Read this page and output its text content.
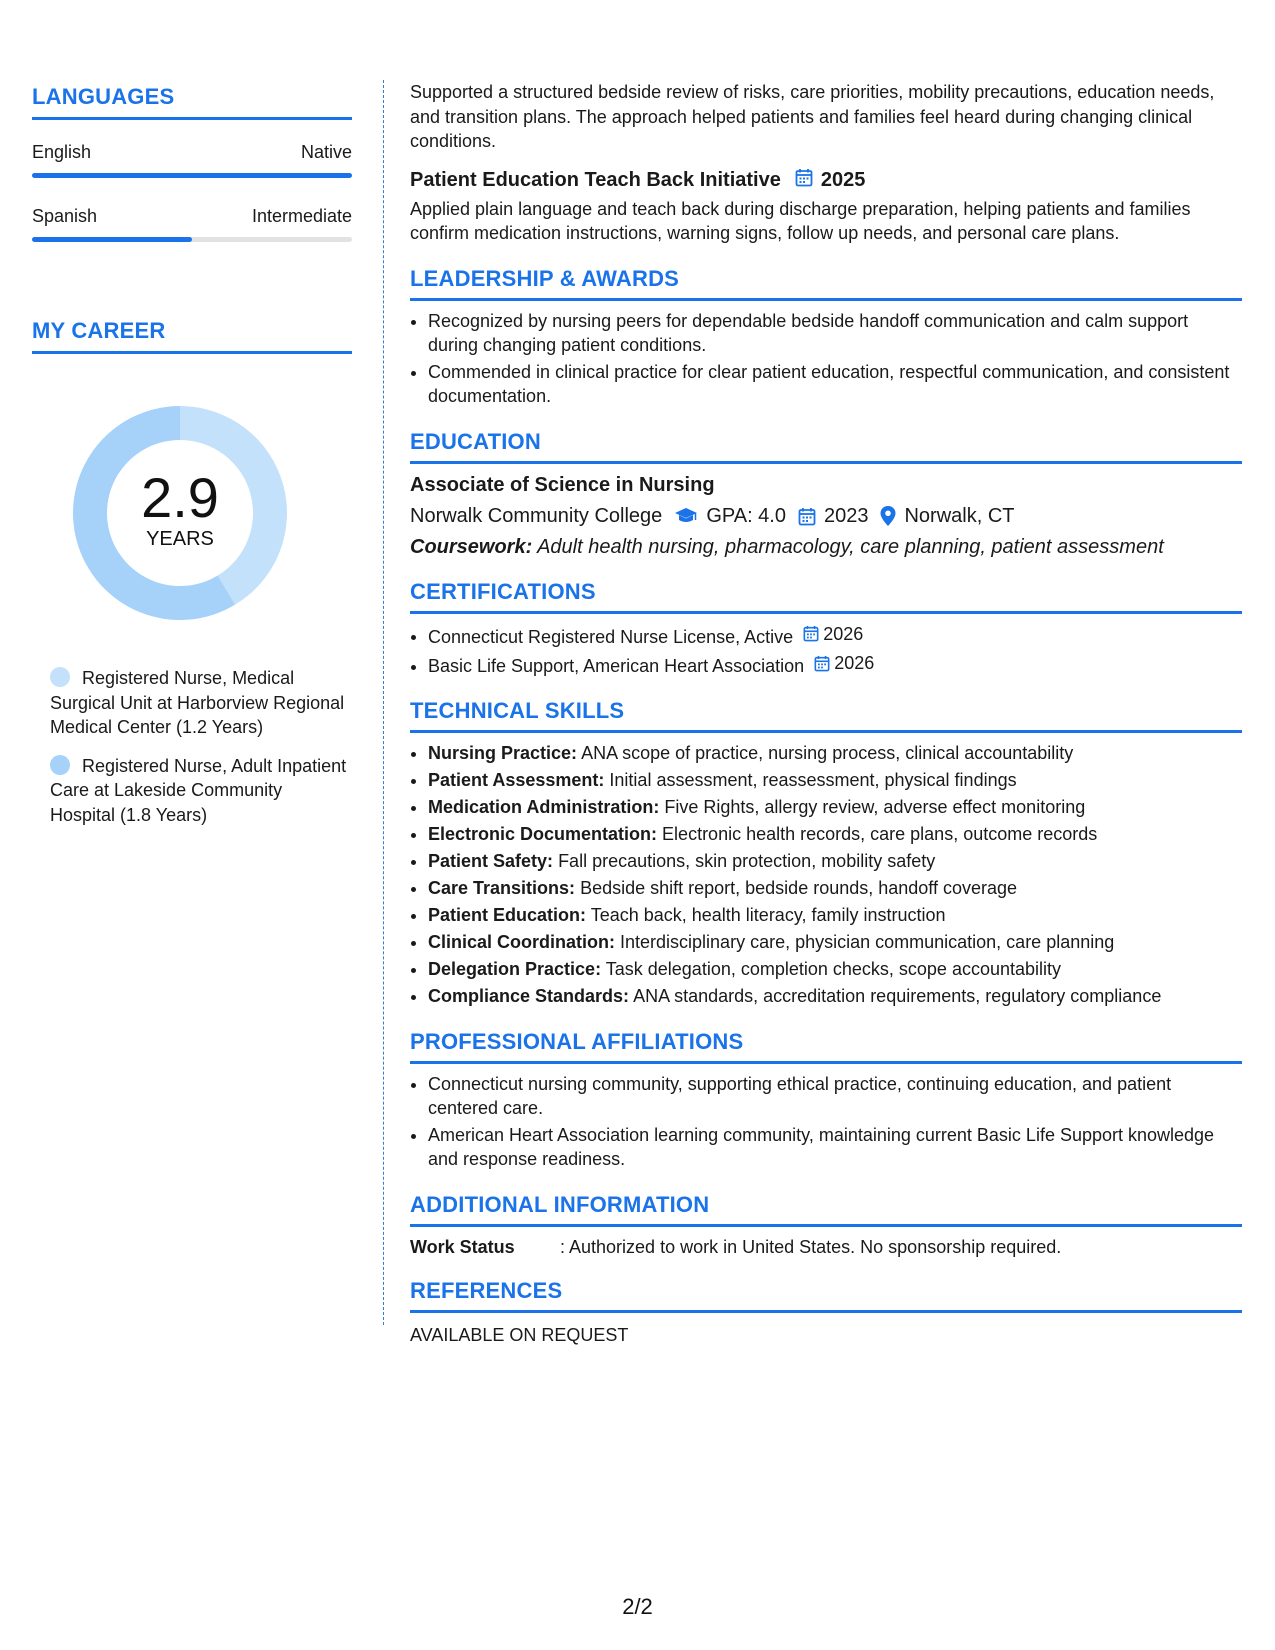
LANGUAGES
English	Native
Spanish	Intermediate
MY CAREER
2.9
YEARS
Registered Nurse, Medical Surgical Unit at Harborview Regional Medical Center (1.2 Years)
Registered Nurse, Adult Inpatient Care at Lakeside Community Hospital (1.8 Years)

Supported a structured bedside review of risks, care priorities, mobility precautions, education needs, and transition plans. The approach helped patients and families feel heard during changing clinical conditions.

Patient Education Teach Back Initiative 2025

Applied plain language and teach back during discharge preparation, helping patients and families confirm medication instructions, warning signs, follow up needs, and personal care plans.

LEADERSHIP & AWARDS
• Recognized by nursing peers for dependable bedside handoff communication and calm support during changing patient conditions.
• Commended in clinical practice for clear patient education, respectful communication, and consistent documentation.
EDUCATION
Associate of Science in Nursing
Norwalk Community College GPA: 4.0 2023 Norwalk, CT
Coursework: Adult health nursing, pharmacology, care planning, patient assessment
CERTIFICATIONS
• Connecticut Registered Nurse License, Active 2026
• Basic Life Support, American Heart Association 2026
TECHNICAL SKILLS
• Nursing Practice: ANA scope of practice, nursing process, clinical accountability
• Patient Assessment: Initial assessment, reassessment, physical findings
• Medication Administration: Five Rights, allergy review, adverse effect monitoring
• Electronic Documentation: Electronic health records, care plans, outcome records
• Patient Safety: Fall precautions, skin protection, mobility safety
• Care Transitions: Bedside shift report, bedside rounds, handoff coverage
• Patient Education: Teach back, health literacy, family instruction
• Clinical Coordination: Interdisciplinary care, physician communication, care planning
• Delegation Practice: Task delegation, completion checks, scope accountability
• Compliance Standards: ANA standards, accreditation requirements, regulatory compliance
PROFESSIONAL AFFILIATIONS
• Connecticut nursing community, supporting ethical practice, continuing education, and patient centered care.
• American Heart Association learning community, maintaining current Basic Life Support knowledge and response readiness.
ADDITIONAL INFORMATION
Work Status	: Authorized to work in United States. No sponsorship required.
REFERENCES

AVAILABLE ON REQUEST

2/2
